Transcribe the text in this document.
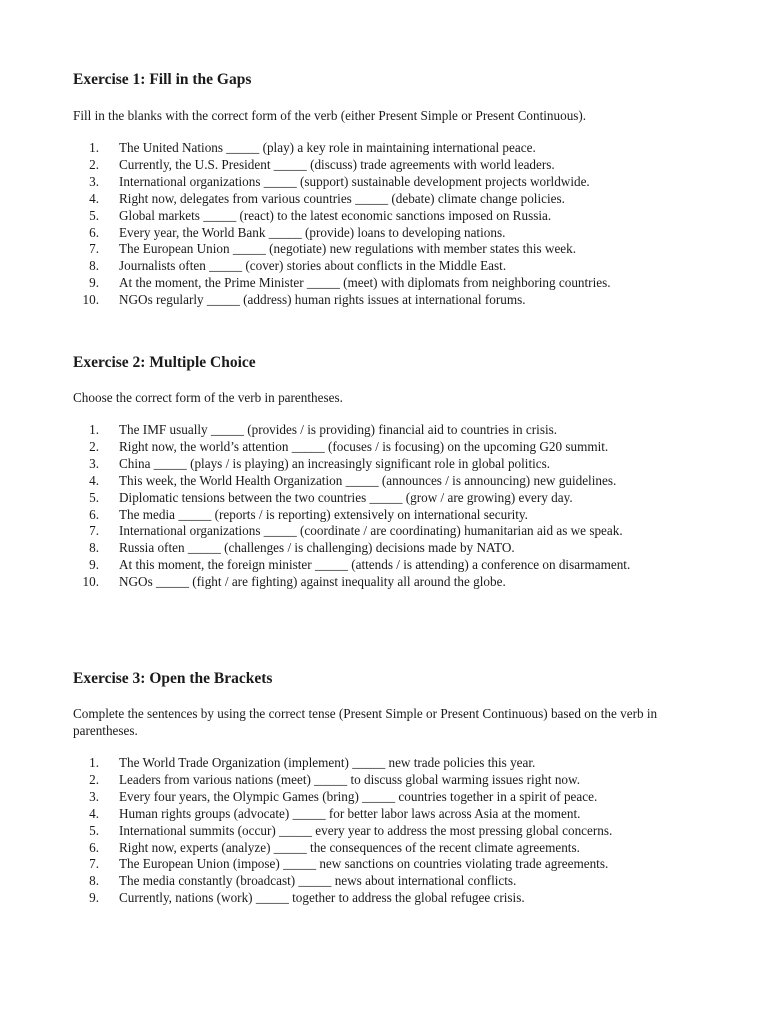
Exercise 1: Fill in the Gaps

Fill in the blanks with the correct form of the verb (either Present Simple or Present Continuous).

1. The United Nations _____ (play) a key role in maintaining international peace.
2. Currently, the U.S. President _____ (discuss) trade agreements with world leaders.
3. International organizations _____ (support) sustainable development projects worldwide.
4. Right now, delegates from various countries _____ (debate) climate change policies.
5. Global markets _____ (react) to the latest economic sanctions imposed on Russia.
6. Every year, the World Bank _____ (provide) loans to developing nations.
7. The European Union _____ (negotiate) new regulations with member states this week.
8. Journalists often _____ (cover) stories about conflicts in the Middle East.
9. At the moment, the Prime Minister _____ (meet) with diplomats from neighboring countries.
10. NGOs regularly _____ (address) human rights issues at international forums.
Exercise 2: Multiple Choice

Choose the correct form of the verb in parentheses.

1. The IMF usually _____ (provides / is providing) financial aid to countries in crisis.
2. Right now, the world’s attention _____ (focuses / is focusing) on the upcoming G20 summit.
3. China _____ (plays / is playing) an increasingly significant role in global politics.
4. This week, the World Health Organization _____ (announces / is announcing) new guidelines.
5. Diplomatic tensions between the two countries _____ (grow / are growing) every day.
6. The media _____ (reports / is reporting) extensively on international security.
7. International organizations _____ (coordinate / are coordinating) humanitarian aid as we speak.
8. Russia often _____ (challenges / is challenging) decisions made by NATO.
9. At this moment, the foreign minister _____ (attends / is attending) a conference on disarmament.
10. NGOs _____ (fight / are fighting) against inequality all around the globe.
Exercise 3: Open the Brackets

Complete the sentences by using the correct tense (Present Simple or Present Continuous) based on the verb in parentheses.

1. The World Trade Organization (implement) _____ new trade policies this year.
2. Leaders from various nations (meet) _____ to discuss global warming issues right now.
3. Every four years, the Olympic Games (bring) _____ countries together in a spirit of peace.
4. Human rights groups (advocate) _____ for better labor laws across Asia at the moment.
5. International summits (occur) _____ every year to address the most pressing global concerns.
6. Right now, experts (analyze) _____ the consequences of the recent climate agreements.
7. The European Union (impose) _____ new sanctions on countries violating trade agreements.
8. The media constantly (broadcast) _____ news about international conflicts.
9. Currently, nations (work) _____ together to address the global refugee crisis.
